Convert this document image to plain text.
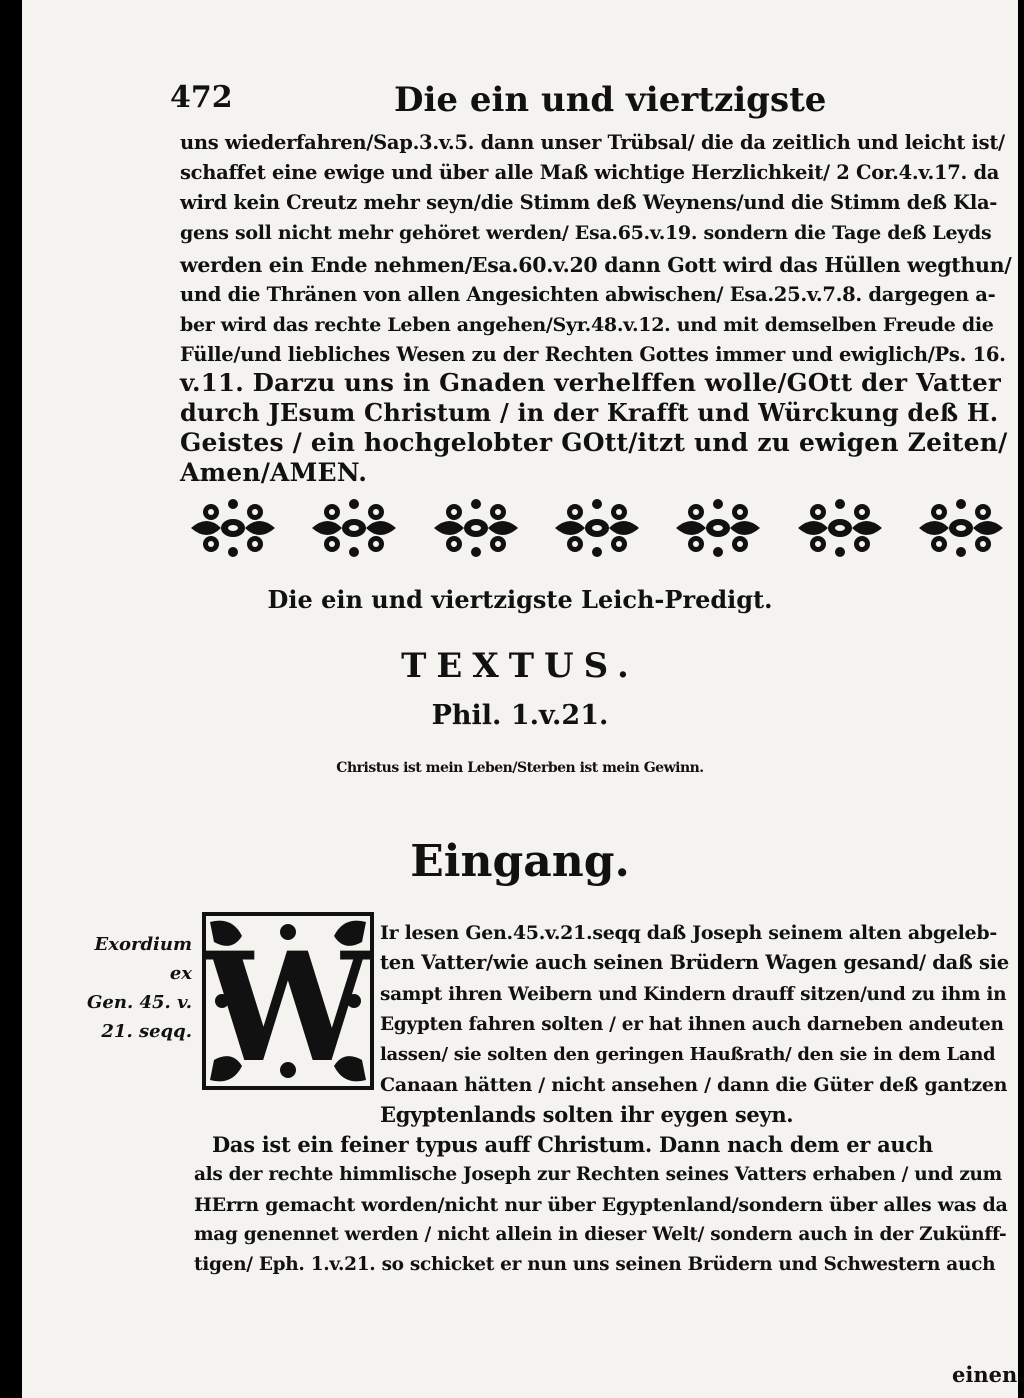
472	Die ein und viertzigste
uns wiederfahren/Sap.3.v.5. dann unser Trübsal/ die da zeitlich und leicht ist/
schaffet eine ewige und über alle Maß wichtige Herzlichkeit/ 2 Cor.4.v.17. da
wird kein Creutz mehr seyn/die Stimm deß Weynens/und die Stimm deß Kla-
gens soll nicht mehr gehöret werden/ Esa.65.v.19. sondern die Tage deß Leyds
werden ein Ende nehmen/Esa.60.v.20 dann Gott wird das Hüllen wegthun/
und die Thränen von allen Angesichten abwischen/ Esa.25.v.7.8. dargegen a-
ber wird das rechte Leben angehen/Syr.48.v.12. und mit demselben Freude die
Fülle/und liebliches Wesen zu der Rechten Gottes immer und ewiglich/Ps. 16.
v.11. Darzu uns in Gnaden verhelffen wolle/GOtt der Vatter
durch JEsum Christum / in der Krafft und Würckung deß H.
Geistes / ein hochgelobter GOtt/itzt und zu ewigen Zeiten/
Amen/AMEN.
Die ein und viertzigste Leich-Predigt.
TEXTUS.
Phil. 1.v.21.
Christus ist mein Leben/Sterben ist mein Gewinn.
Eingang.
Exordium
ex
Gen. 45. v.
21. seqq. W Ir lesen Gen.45.v.21.seqq daß Joseph seinem alten abgeleb-
ten Vatter/wie auch seinen Brüdern Wagen gesand/ daß sie
sampt ihren Weibern und Kindern drauff sitzen/und zu ihm in
Egypten fahren solten / er hat ihnen auch darneben andeuten
lassen/ sie solten den geringen Haußrath/ den sie in dem Land
Canaan hätten / nicht ansehen / dann die Güter deß gantzen
Egyptenlands solten ihr eygen seyn.
Das ist ein feiner typus auff Christum. Dann nach dem er auch
als der rechte himmlische Joseph zur Rechten seines Vatters erhaben / und zum
HErrn gemacht worden/nicht nur über Egyptenland/sondern über alles was da
mag genennet werden / nicht allein in dieser Welt/ sondern auch in der Zukünff-
tigen/ Eph. 1.v.21. so schicket er nun uns seinen Brüdern und Schwestern auch
einen
